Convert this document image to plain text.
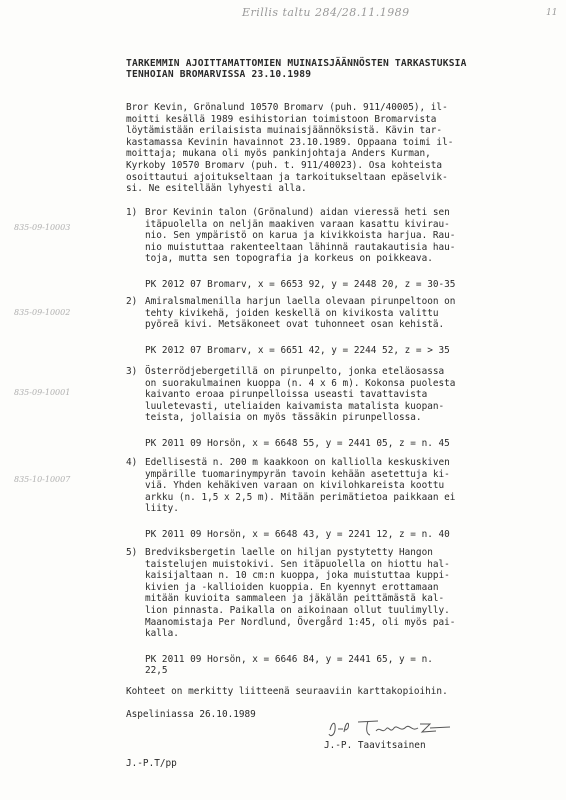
Erillis taltu 284/28.11.1989	11
TARKEMMIN AJOITTAMATTOMIEN MUINAISJÄÄNNÖSTEN TARKASTUKSIA
TENHOIAN BROMARVISSA 23.10.1989
Bror Kevin, Grönalund 10570 Bromarv (puh. 911/40005), il-
moitti kesällä 1989 esihistorian toimistoon Bromarvista
löytämistään erilaisista muinaisjäännöksistä. Kävin tar-
kastamassa Kevinin havainnot 23.10.1989. Oppaana toimi il-
moittaja; mukana oli myös pankinjohtaja Anders Kurman,
Kyrkoby 10570 Bromarv (puh. t. 911/40023). Osa kohteista
osoittautui ajoitukseltaan ja tarkoitukseltaan epäselvik-
si. Ne esitellään lyhyesti alla.
835-09-10003
835-09-10002
835-09-10001
835-10-10007
1) Bror Kevinin talon (Grönalund) aidan vieressä heti sen
itäpuolella on neljän maakiven varaan kasattu kivirau-
nio. Sen ympäristö on karua ja kivikkoista harjua. Rau-
nio muistuttaa rakenteeltaan lähinnä rautakautisia hau-
toja, mutta sen topografia ja korkeus on poikkeava.
PK 2012 07 Bromarv, x = 6653 92, y = 2448 20, z = 30-35
2) Amiralsmalmenilla harjun laella olevaan pirunpeltoon on
tehty kivikehä, joiden keskellä on kivikosta valittu
pyöreä kivi. Metsäkoneet ovat tuhonneet osan kehistä.
PK 2012 07 Bromarv, x = 6651 42, y = 2244 52, z = > 35
3) Österrödjebergetillä on pirunpelto, jonka eteläosassa
on suorakulmainen kuoppa (n. 4 x 6 m). Kokonsa puolesta
kaivanto eroaa pirunpelloissa useasti tavattavista
luuletevasti, uteliaiden kaivamista matalista kuopan-
teista, jollaisia on myös tässäkin pirunpellossa.
PK 2011 09 Horsön, x = 6648 55, y = 2441 05, z = n. 45
4) Edellisestä n. 200 m kaakkoon on kalliolla keskuskiven
ympärille tuomarinympyrän tavoin kehään asetettuja ki-
viä. Yhden kehäkiven varaan on kivilohkareista koottu
arkku (n. 1,5 x 2,5 m). Mitään perimätietoa paikkaan ei
liity.
PK 2011 09 Horsön, x = 6648 43, y = 2241 12, z = n. 40
5) Bredviksbergetin laelle on hiljan pystytetty Hangon
taistelujen muistokivi. Sen itäpuolella on hiottu hal-
kaisijaltaan n. 10 cm:n kuoppa, joka muistuttaa kuppi-
kivien ja -kallioiden kuoppia. En kyennyt erottamaan
mitään kuvioita sammaleen ja jäkälän peittämästä kal-
lion pinnasta. Paikalla on aikoinaan ollut tuulimylly.
Maanomistaja Per Nordlund, Övergård 1:45, oli myös pai-
kalla.
PK 2011 09 Horsön, x = 6646 84, y = 2441 65, y = n.
22,5
Kohteet on merkitty liitteenä seuraaviin karttakopioihin.
Aspeliniassa 26.10.1989
J.-P. Taavitsainen
J.-P.T/pp
